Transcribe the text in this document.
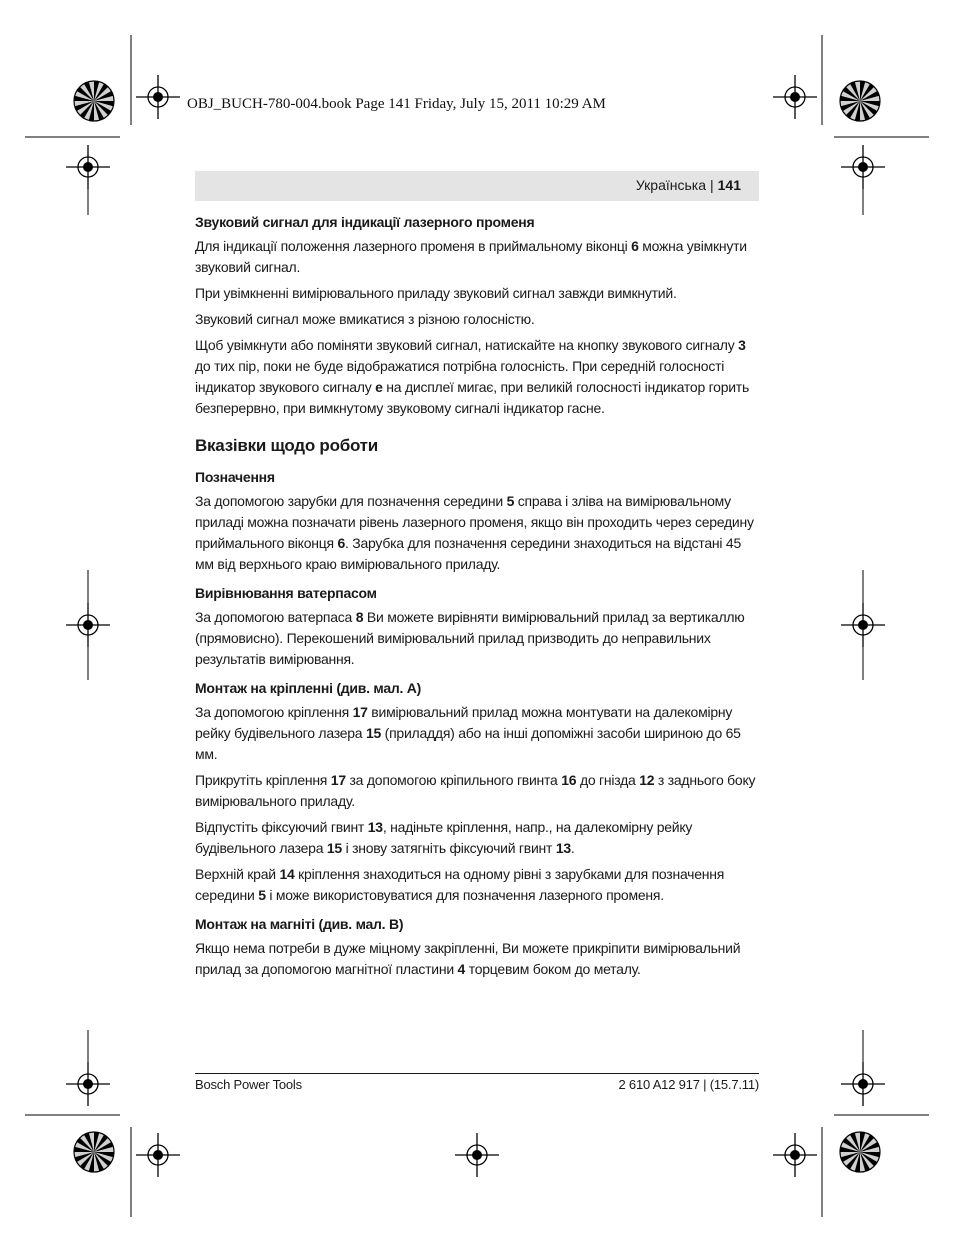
OBJ_BUCH-780-004.book Page 141 Friday, July 15, 2011 10:29 AM
Українська | 141
Звуковий сигнал для індикації лазерного променя

Для індикації положення лазерного променя в приймальному віконці 6 можна увімкнути звуковий сигнал.

При увімкненні вимірювального приладу звуковий сигнал завжди вимкнутий.

Звуковий сигнал може вмикатися з різною голосністю.

Щоб увімкнути або поміняти звуковий сигнал, натискайте на кнопку звукового сигналу 3 до тих пір, поки не буде відображатися потрібна голосність. При середній голосності індикатор звукового сигналу e на дисплеї мигає, при великій голосності індикатор горить безперервно, при вимкнутому звуковому сигналі індикатор гасне.

Вказівки щодо роботи
Позначення

За допомогою зарубки для позначення середини 5 справа і зліва на вимірювальному приладі можна позначати рівень лазерного променя, якщо він проходить через середину приймального віконця 6. Зарубка для позначення середини знаходиться на відстані 45 мм від верхнього краю вимірювального приладу.

Вирівнювання ватерпасом

За допомогою ватерпаса 8 Ви можете вирівняти вимірювальний прилад за вертикаллю (прямовисно). Перекошений вимірювальний прилад призводить до неправильних результатів вимірювання.

Монтаж на кріпленні (див. мал. А)

За допомогою кріплення 17 вимірювальний прилад можна монтувати на далекомірну рейку будівельного лазера 15 (приладдя) або на інші допоміжні засоби шириною до 65 мм.

Прикрутіть кріплення 17 за допомогою кріпильного гвинта 16 до гнізда 12 з заднього боку вимірювального приладу.

Відпустіть фіксуючий гвинт 13, надіньте кріплення, напр., на далекомірну рейку будівельного лазера 15 і знову затягніть фіксуючий гвинт 13.

Верхній край 14 кріплення знаходиться на одному рівні з зарубками для позначення середини 5 і може використовуватися для позначення лазерного променя.

Монтаж на магніті (див. мал. B)

Якщо нема потреби в дуже міцному закріпленні, Ви можете прикріпити вимірювальний прилад за допомогою магнітної пластини 4 торцевим боком до металу.

Bosch Power Tools	2 610 A12 917 | (15.7.11)
